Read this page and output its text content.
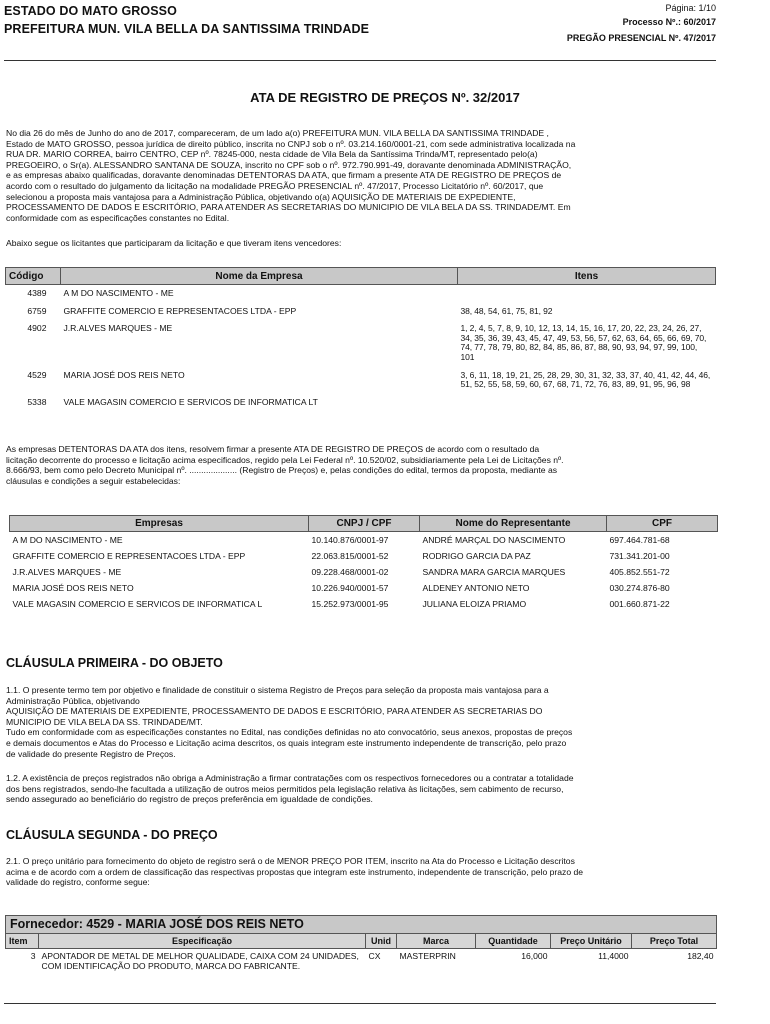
ESTADO DO MATO GROSSO
PREFEITURA MUN. VILA BELLA DA SANTISSIMA TRINDADE
Página: 1/10
Processo Nº.: 60/2017
PREGÃO PRESENCIAL Nº. 47/2017
ATA DE REGISTRO DE PREÇOS Nº. 32/2017
No dia 26 do mês de Junho do ano de 2017, compareceram, de um lado a(o) PREFEITURA MUN. VILA BELLA DA SANTISSIMA TRINDADE ,
Estado de MATO GROSSO, pessoa jurídica de direito público, inscrita no CNPJ sob o nº. 03.214.160/0001-21, com sede administrativa localizada na
RUA DR. MARIO CORREA, bairro CENTRO, CEP nº. 78245-000, nesta cidade de Vila Bela da Santíssima Trinda/MT, representado pelo(a)
PREGOEIRO, o Sr(a). ALESSANDRO SANTANA DE SOUZA, inscrito no CPF sob o nº. 972.790.991-49, doravante denominada ADMINISTRAÇÃO,
e as empresas abaixo qualificadas, doravante denominadas DETENTORAS DA ATA, que firmam a presente ATA DE REGISTRO DE PREÇOS de
acordo com o resultado do julgamento da licitação na modalidade PREGÃO PRESENCIAL nº. 47/2017, Processo Licitatório nº. 60/2017, que
selecionou a proposta mais vantajosa para a Administração Pública, objetivando o(a) AQUISIÇÃO DE MATERIAIS DE EXPEDIENTE,
PROCESSAMENTO DE DADOS E ESCRITÓRIO, PARA ATENDER AS SECRETARIAS DO MUNICIPIO DE VILA BELA DA SS. TRINDADE/MT. Em
conformidade com as especificações constantes no Edital.
Abaixo segue os licitantes que participaram da licitação e que tiveram itens vencedores:
Código	Nome da Empresa	Itens
4389	A M DO NASCIMENTO - ME	
6759	GRAFFITE COMERCIO E REPRESENTACOES LTDA - EPP	38, 48, 54, 61, 75, 81, 92
4902	J.R.ALVES MARQUES - ME	1, 2, 4, 5, 7, 8, 9, 10, 12, 13, 14, 15, 16, 17, 20, 22, 23, 24, 26, 27, 34, 35, 36, 39, 43, 45, 47, 49, 53, 56, 57, 62, 63, 64, 65, 66, 69, 70, 74, 77, 78, 79, 80, 82, 84, 85, 86, 87, 88, 90, 93, 94, 97, 99, 100, 101
4529	MARIA JOSÉ DOS REIS NETO	3, 6, 11, 18, 19, 21, 25, 28, 29, 30, 31, 32, 33, 37, 40, 41, 42, 44, 46, 51, 52, 55, 58, 59, 60, 67, 68, 71, 72, 76, 83, 89, 91, 95, 96, 98
5338	VALE MAGASIN COMERCIO E SERVICOS DE INFORMATICA LT	
As empresas DETENTORAS DA ATA dos itens, resolvem firmar a presente ATA DE REGISTRO DE PREÇOS de acordo com o resultado da
licitação decorrente do processo e licitação acima especificados, regido pela Lei Federal nº. 10.520/02, subsidiariamente pela Lei de Licitações nº.
8.666/93, bem como pelo Decreto Municipal nº. .................... (Registro de Preços) e, pelas condições do edital, termos da proposta, mediante as
cláusulas e condições a seguir estabelecidas:
Empresas	CNPJ / CPF	Nome do Representante	CPF
A M DO NASCIMENTO - ME	10.140.876/0001-97	ANDRÉ MARÇAL DO NASCIMENTO	697.464.781-68
GRAFFITE COMERCIO E REPRESENTACOES LTDA - EPP	22.063.815/0001-52	RODRIGO GARCIA DA PAZ	731.341.201-00
J.R.ALVES MARQUES - ME	09.228.468/0001-02	SANDRA MARA GARCIA MARQUES	405.852.551-72
MARIA JOSÉ DOS REIS NETO	10.226.940/0001-57	ALDENEY ANTONIO NETO	030.274.876-80
VALE MAGASIN COMERCIO E SERVICOS DE INFORMATICA L	15.252.973/0001-95	JULIANA ELOIZA PRIAMO	001.660.871-22
CLÁUSULA PRIMEIRA - DO OBJETO
1.1. O presente termo tem por objetivo e finalidade de constituir o sistema Registro de Preços para seleção da proposta mais vantajosa para a
Administração Pública, objetivando
AQUISIÇÃO DE MATERIAIS DE EXPEDIENTE, PROCESSAMENTO DE DADOS E ESCRITÓRIO, PARA ATENDER AS SECRETARIAS DO
MUNICIPIO DE VILA BELA DA SS. TRINDADE/MT.
Tudo em conformidade com as especificações constantes no Edital, nas condições definidas no ato convocatório, seus anexos, propostas de preços
e demais documentos e Atas do Processo e Licitação acima descritos, os quais integram este instrumento independente de transcrição, pelo prazo
de validade do presente Registro de Preços.
1.2. A existência de preços registrados não obriga a Administração a firmar contratações com os respectivos fornecedores ou a contratar a totalidade
dos bens registrados, sendo-lhe facultada a utilização de outros meios permitidos pela legislação relativa às licitações, sem cabimento de recurso,
sendo assegurado ao beneficiário do registro de preços preferência em igualdade de condições.
CLÁUSULA SEGUNDA - DO PREÇO
2.1. O preço unitário para fornecimento do objeto de registro será o de MENOR PREÇO POR ITEM, inscrito na Ata do Processo e Licitação descritos
acima e de acordo com a ordem de classificação das respectivas propostas que integram este instrumento, independente de transcrição, pelo prazo de
validade do registro, conforme segue:
Fornecedor: 4529 - MARIA JOSÉ DOS REIS NETO
Item	Especificação	Unid	Marca	Quantidade	Preço Unitário	Preço Total
3	APONTADOR DE METAL DE MELHOR QUALIDADE, CAIXA COM 24 UNIDADES, COM IDENTIFICAÇÃO DO PRODUTO, MARCA DO FABRICANTE.	CX	MASTERPRIN	16,000	11,4000	182,40
